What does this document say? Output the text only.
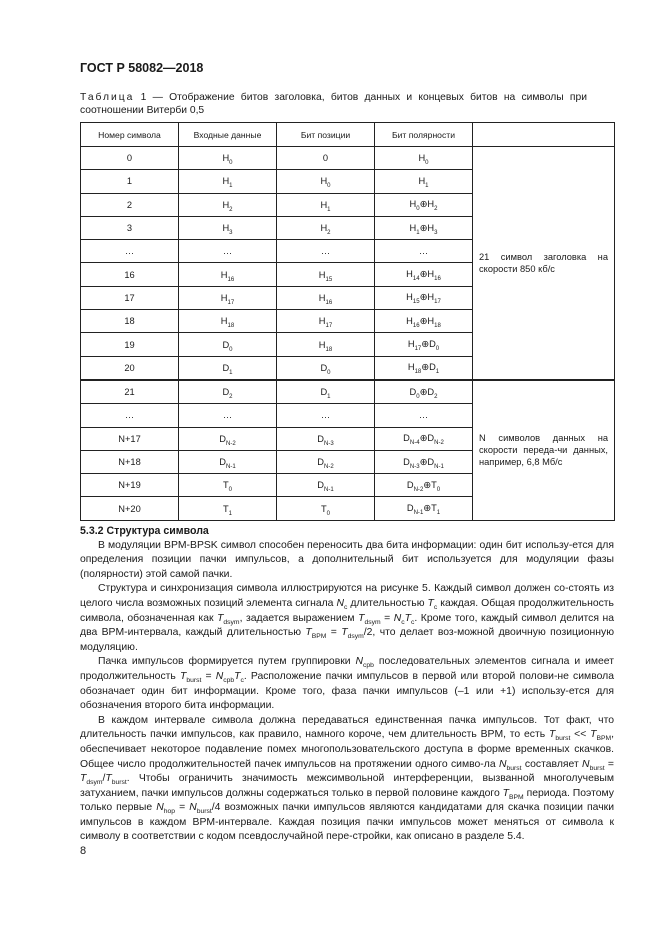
ГОСТ Р 58082—2018
Таблица 1 — Отображение битов заголовка, битов данных и концевых битов на символы при соотношении Витерби 0,5
Номер символа	Входные данные	Бит позиции	Бит полярности	
0	$H_0$	0	$H_0$	21 символ заголовка на скорости 850 кб/с
1	$H_1$	$H_0$	$H_1$
2	$H_2$	$H_1$	$H_0\oplus H_2$
3	$H_3$	$H_2$	$H_1\oplus H_3$
…	…	…	…	
16	$H_{16}$	$H_{15}$	$H_{14}\oplus H_{16}$
17	$H_{17}$	$H_{16}$	$H_{15}\oplus H_{17}$
18	$H_{18}$	$H_{17}$	$H_{16}\oplus H_{18}$
19	$D_0$	$H_{18}$	$H_{17}\oplus D_0$
20	$D_1$	$D_0$	$H_{18}\oplus D_1$
21	$D_2$	$D_1$	$D_0\oplus D_2$	N символов данных на скорости переда-чи данных, например, 6,8 Мб/с
…	…	…	…	
N+17	$D_{N-2}$	$D_{N-3}$	$D_{N-4}\oplus D_{N-2}$
N+18	$D_{N-1}$	$D_{N-2}$	$D_{N-3}\oplus D_{N-1}$
N+19	$T_0$	$D_{N-1}$	$D_{N-2}\oplus T_0$
N+20	$T_1$	$T_0$	$D_{N-1}\oplus T_1$
5.3.2 Структура символа

В модуляции BPM-BPSK символ способен переносить два бита информации: один бит использу-ется для определения позиции пачки импульсов, а дополнительный бит используется для модуляции фазы (полярности) этой самой пачки.

Структура и синхронизация символа иллюстрируются на рисунке 5. Каждый символ должен со-стоять из целого числа возможных позиций элемента сигнала $N_c$ длительностью $T_c$ каждая. Общая продолжительность символа, обозначенная как $T_{dsym}$, задается выражением $T_{dsym} = N_cT_c$. Кроме того, каждый символ делится на два BPM-интервала, каждый длительностью $T_{BPM} = T_{dsym}/2$, что делает воз-можной двоичную позиционную модуляцию.

Пачка импульсов формируется путем группировки $N_{cpb}$ последовательных элементов сигнала и имеет продолжительность $T_{burst} = N_{cpb}T_c$. Расположение пачки импульсов в первой или второй полови-не символа обозначает один бит информации. Кроме того, фаза пачки импульсов (–1 или +1) использу-ется для обозначения второго бита информации.

В каждом интервале символа должна передаваться единственная пачка импульсов. Тот факт, что длительность пачки импульсов, как правило, намного короче, чем длительность BPM, то есть $T_{burst} << T_{BPM}$, обеспечивает некоторое подавление помех многопользовательского доступа в форме временных скачков. Общее число продолжительностей пачек импульсов на протяжении одного симво-ла $N_{burst}$ составляет $N_{burst} = T_{dsym}/T_{burst}$. Чтобы ограничить значимость межсимвольной интерференции, вызванной многолучевым затуханием, пачки импульсов должны содержаться только в первой половине каждого $T_{BPM}$ периода. Поэтому только первые $N_{hop} = N_{burst}/4$ возможных пачки импульсов являются кандидатами для скачка позиции пачки импульсов в каждом BPM-интервале. Каждая позиция пачки импульсов может меняться от символа к символу в соответствии с кодом псевдослучайной пере-стройки, как описано в разделе 5.4.

8
